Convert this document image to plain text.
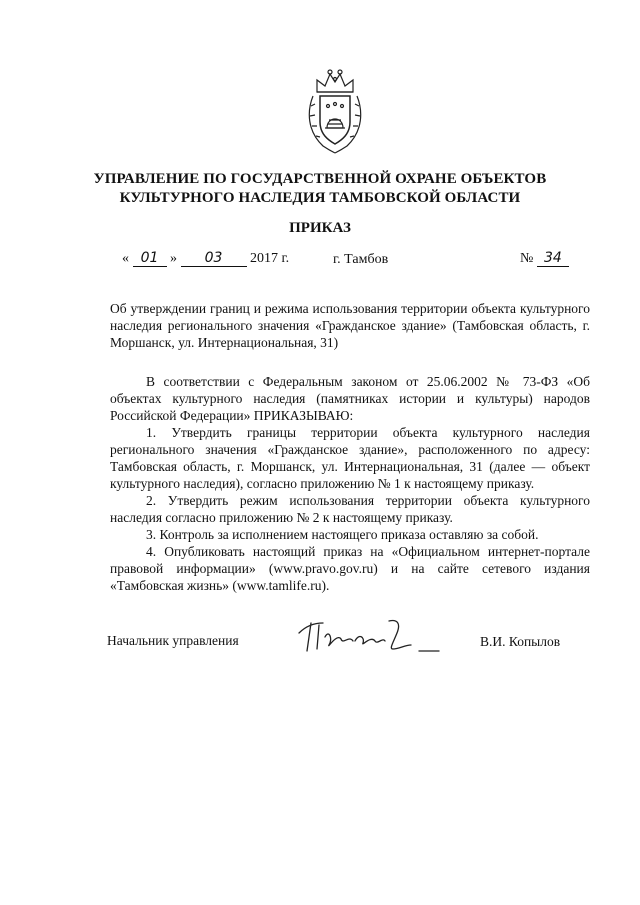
УПРАВЛЕНИЕ ПО ГОСУДАРСТВЕННОЙ ОХРАНЕ ОБЪЕКТОВ
КУЛЬТУРНОГО НАСЛЕДИЯ ТАМБОВСКОЙ ОБЛАСТИ
ПРИКАЗ
« 01 » 03 2017 г.	г. Тамбов	№ 34
Об утверждении границ и режима использования территории объекта культурного наследия регионального значения «Гражданское здание» (Тамбовская область, г. Моршанск, ул. Интернациональная, 31)

В соответствии с Федеральным законом от 25.06.2002 № 73-ФЗ «Об объектах культурного наследия (памятниках истории и культуры) народов Российской Федерации» ПРИКАЗЫВАЮ:

1. Утвердить границы территории объекта культурного наследия регионального значения «Гражданское здание», расположенного по адресу: Тамбовская область, г. Моршанск, ул. Интернациональная, 31 (далее — объект культурного наследия), согласно приложению № 1 к настоящему приказу.

2. Утвердить режим использования территории объекта культурного наследия согласно приложению № 2 к настоящему приказу.

3. Контроль за исполнением настоящего приказа оставляю за собой.

4. Опубликовать настоящий приказ на «Официальном интернет-портале правовой информации» (www.pravo.gov.ru) и на сайте сетевого издания «Тамбовская жизнь» (www.tamlife.ru).

Начальник управления	В.И. Копылов
